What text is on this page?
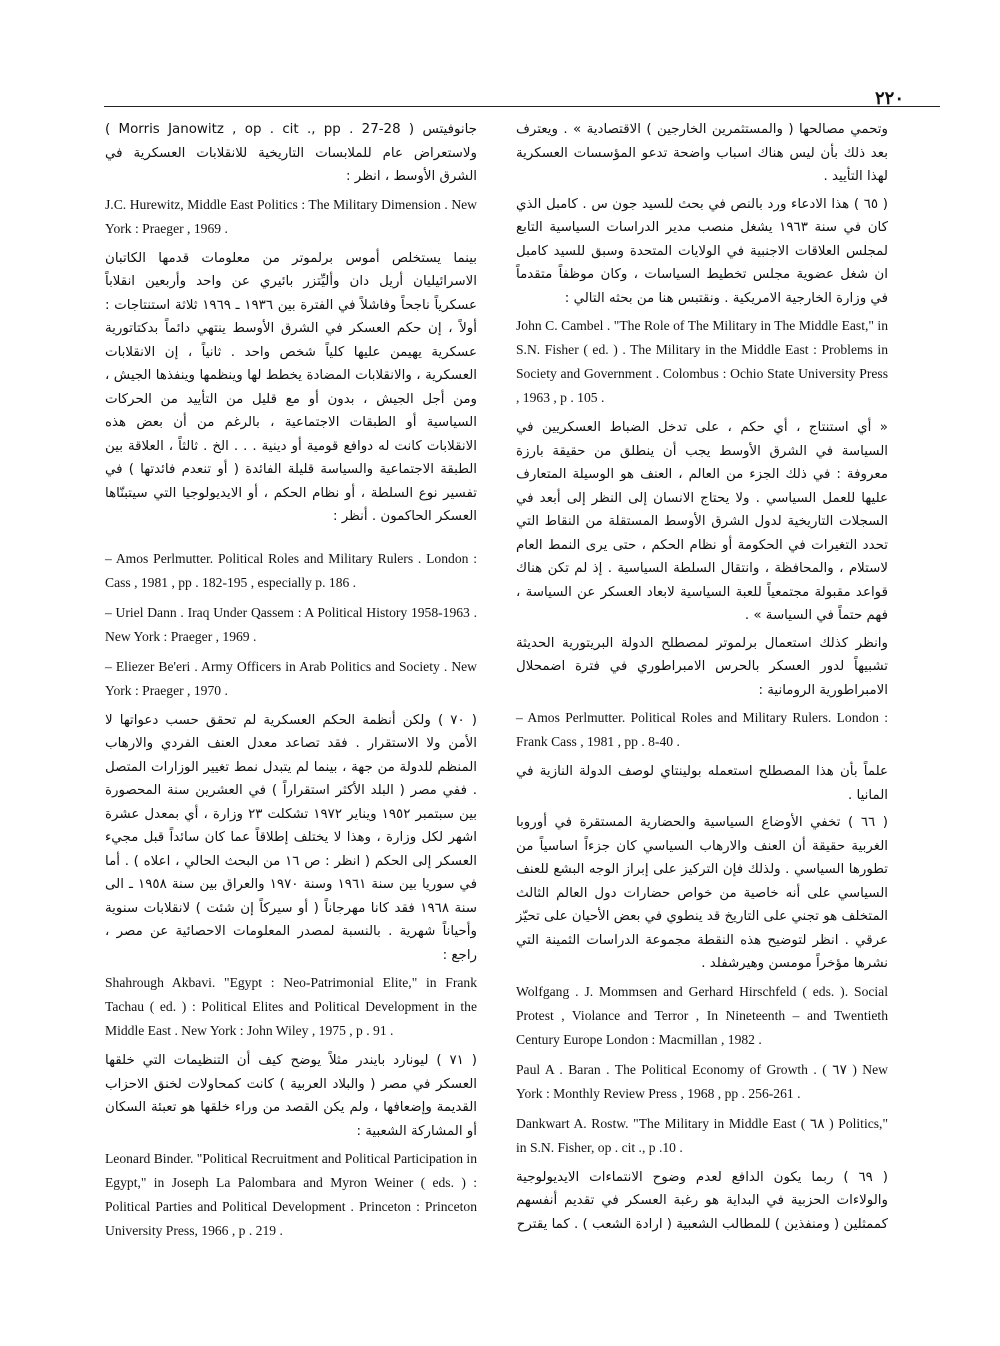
٢٢٠

وتحمي مصالحها ( والمستثمرين الخارجين ) الاقتصادية » . ويعترف بعد ذلك بأن ليس هناك اسباب واضحة تدعو المؤسسات العسكرية لهذا التأييد .

( ٦٥ ) هذا الادعاء ورد بالنص في بحث للسيد جون س . كامبل الذي كان في سنة ١٩٦٣ يشغل منصب مدير الدراسات السياسية التابع لمجلس العلاقات الاجنبية في الولايات المتحدة وسبق للسيد كامبل ان شغل عضوية مجلس تخطيط السياسات ، وكان موظفاً متقدماً في وزارة الخارجية الامريكية . ونقتبس هنا من بحثه التالي :

John C. Cambel . "The Role of The Military in The Middle East," in S.N. Fisher ( ed. ) . The Military in the Middle East : Problems in Society and Government . Colombus : Ochio State University Press , 1963 , p . 105 .

« أي استنتاج ، أي حكم ، على تدخل الضباط العسكريين في السياسة في الشرق الأوسط يجب أن ينطلق من حقيقة بارزة معروفة : في ذلك الجزء من العالم ، العنف هو الوسيلة المتعارف عليها للعمل السياسي . ولا يحتاج الانسان إلى النظر إلى أبعد في السجلات التاريخية لدول الشرق الأوسط المستقلة من النقاط التي تحدد التغيرات في الحكومة أو نظام الحكم ، حتى يرى النمط العام لاستلام ، والمحافظة ، وانتقال السلطة السياسية . إذ لم تكن هناك قواعد مقبولة مجتمعياً للعبة السياسية لابعاد العسكر عن السياسة ، فهم حتماً في السياسة » .

وانظر كذلك استعمال برلموتر لمصطلح الدولة البريتورية الحديثة تشبيهاً لدور العسكر بالحرس الامبراطوري في فترة اضمحلال الامبراطورية الرومانية :

– Amos Perlmutter. Political Roles and Military Rulers. London : Frank Cass , 1981 , pp . 8-40 .

علماً بأن هذا المصطلح استعمله بولينتاي لوصف الدولة النازية في المانيا .

( ٦٦ ) تخفي الأوضاع السياسية والحضارية المستقرة في أوروبا الغربية حقيقة أن العنف والارهاب السياسي كان جزءاً اساسياً من تطورها السياسي . ولذلك فإن التركيز على إبراز الوجه البشع للعنف السياسي على أنه خاصية من خواص حضارات دول العالم الثالث المتخلف هو تجني على التاريخ قد ينطوي في بعض الأحيان على تحيّز عرقي . انظر لتوضيح هذه النقطة مجموعة الدراسات الثمينة التي نشرها مؤخراً مومسن وهيرشفلد .

Wolfgang . J. Mommsen and Gerhard Hirschfeld ( eds. ). Social Protest , Violance and Terror , In Nineteenth – and Twentieth Century Europe London : Macmillan , 1982 .

Paul A . Baran . The Political Economy of Growth . ( ٦٧ ) New York : Monthly Review Press , 1968 , pp . 256-261 .

Dankwart A. Rostw. "The Military in Middle East ( ٦٨ ) Politics," in S.N. Fisher, op . cit ., p .10 .

( ٦٩ ) ربما يكون الدافع لعدم وضوح الانتماءات الايديولوجية والولاءات الحزبية في البداية هو رغبة العسكر في تقديم أنفسهم كممثلين ( ومنفذين ) للمطالب الشعبية ( ارادة الشعب ) . كما يقترح

جانوفيتس ( Morris Janowitz , op . cit ., pp . 27-28 ) ولاستعراض عام للملابسات التاريخية للانقلابات العسكرية في الشرق الأوسط ، انظر :

J.C. Hurewitz, Middle East Politics : The Military Dimension . New York : Praeger , 1969 .

بينما يستخلص أموس برلموتر من معلومات قدمها الكاتبان الاسرائيليان أريل دان وأليِّتزر بائيري عن واحد وأربعين انقلاباً عسكرياً ناجحاً وفاشلاً في الفترة بين ١٩٣٦ ـ ١٩٦٩ ثلاثة استنتاجات : أولاً ، إن حكم العسكر في الشرق الأوسط ينتهي دائماً بدكتاتورية عسكرية يهيمن عليها كلياً شخص واحد . ثانياً ، إن الانقلابات العسكرية ، والانقلابات المضادة يخطط لها وينظمها وينفذها الجيش ، ومن أجل الجيش ، بدون أو مع قليل من التأييد من الحركات السياسية أو الطبقات الاجتماعية ، بالرغم من أن بعض هذه الانقلابات كانت له دوافع قومية أو دينية . . . الخ . ثالثاً ، العلاقة بين الطبقة الاجتماعية والسياسة قليلة الفائدة ( أو تنعدم فائدتها ) في تفسير نوع السلطة ، أو نظام الحكم ، أو الايديولوجيا التي سيتبنّاها العسكر الحاكمون . أنظر :

– Amos Perlmutter. Political Roles and Military Rulers . London : Cass , 1981 , pp . 182-195 , especially p. 186 .

– Uriel Dann . Iraq Under Qassem : A Political History 1958-1963 . New York : Praeger , 1969 .

– Eliezer Be'eri . Army Officers in Arab Politics and Society . New York : Praeger , 1970 .

( ٧٠ ) ولكن أنظمة الحكم العسكرية لم تحقق حسب دعواتها لا الأمن ولا الاستقرار . فقد تصاعد معدل العنف الفردي والارهاب المنظم للدولة من جهة ، بينما لم يتبدل نمط تغيير الوزارات المتصل . ففي مصر ( البلد الأكثر استقراراً ) في العشرين سنة المحصورة بين سبتمبر ١٩٥٢ ويناير ١٩٧٢ تشكلت ٢٣ وزارة ، أي بمعدل عشرة اشهر لكل وزارة ، وهذا لا يختلف إطلاقاً عما كان سائداً قبل مجيء العسكر إلى الحكم ( انظر : ص ١٦ من البحث الحالي ، اعلاه ) . أما في سوريا بين سنة ١٩٦١ وسنة ١٩٧٠ والعراق بين سنة ١٩٥٨ ـ الى سنة ١٩٦٨ فقد كانا مهرجاناً ( أو سيركاً إن شئت ) لانقلابات سنوية وأحياناً شهرية . بالنسبة لمصدر المعلومات الاحصائية عن مصر ، راجع :

Shahrough Akbavi. "Egypt : Neo-Patrimonial Elite," in Frank Tachau ( ed. ) : Political Elites and Political Development in the Middle East . New York : John Wiley , 1975 , p . 91 .

( ٧١ ) ليونارد بايندر مثلاً يوضح كيف أن التنظيمات التي خلقها العسكر في مصر ( والبلاد العربية ) كانت كمحاولات لخنق الاحزاب القديمة وإضعافها ، ولم يكن القصد من وراء خلقها هو تعبئة السكان أو المشاركة الشعبية :

Leonard Binder. "Political Recruitment and Political Participation in Egypt," in Joseph La Palombara and Myron Weiner ( eds. ) : Political Parties and Political Development . Princeton : Princeton University Press, 1966 , p . 219 .
